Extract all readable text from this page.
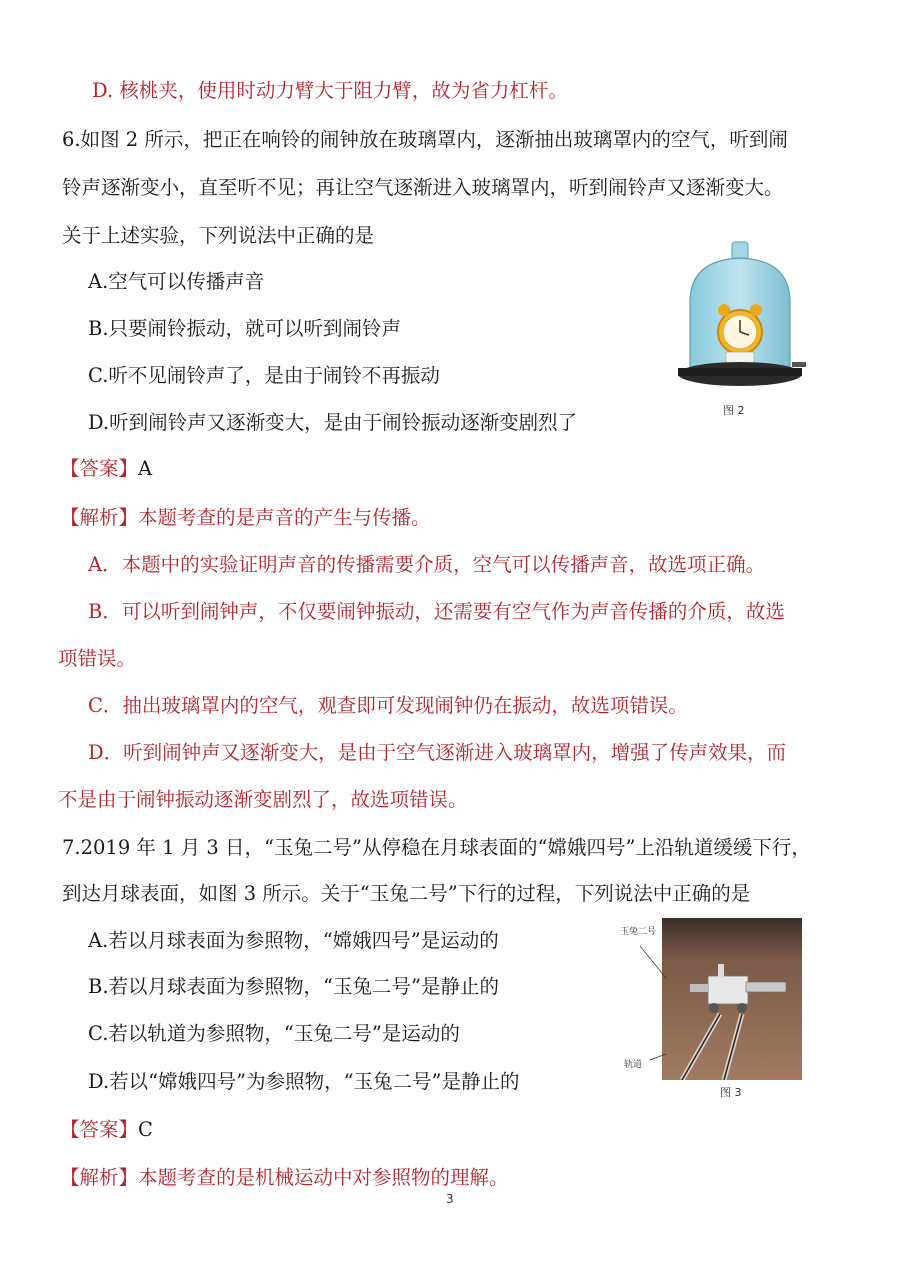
D. 核桃夹，使用时动力臂大于阻力臂，故为省力杠杆。
6.如图 2 所示，把正在响铃的闹钟放在玻璃罩内，逐渐抽出玻璃罩内的空气，听到闹
铃声逐渐变小，直至听不见；再让空气逐渐进入玻璃罩内，听到闹铃声又逐渐变大。
关于上述实验，下列说法中正确的是
A.空气可以传播声音
B.只要闹铃振动，就可以听到闹铃声
C.听不见闹铃声了，是由于闹铃不再振动
D.听到闹铃声又逐渐变大，是由于闹铃振动逐渐变剧烈了
图 2
【答案】A
【解析】本题考查的是声音的产生与传播。
A．本题中的实验证明声音的传播需要介质，空气可以传播声音，故选项正确。
B．可以听到闹钟声，不仅要闹钟振动，还需要有空气作为声音传播的介质，故选
项错误。
C．抽出玻璃罩内的空气，观查即可发现闹钟仍在振动，故选项错误。
D．听到闹钟声又逐渐变大，是由于空气逐渐进入玻璃罩内，增强了传声效果，而
不是由于闹钟振动逐渐变剧烈了，故选项错误。
7.2019 年 1 月 3 日，“玉兔二号”从停稳在月球表面的“嫦娥四号”上沿轨道缓缓下行，
到达月球表面，如图 3 所示。关于“玉兔二号”下行的过程，下列说法中正确的是
A.若以月球表面为参照物，“嫦娥四号”是运动的
B.若以月球表面为参照物，“玉兔二号”是静止的
C.若以轨道为参照物，“玉兔二号”是运动的
D.若以“嫦娥四号”为参照物，“玉兔二号”是静止的
玉兔二号
轨道
图 3
【答案】C
【解析】本题考查的是机械运动中对参照物的理解。
3
